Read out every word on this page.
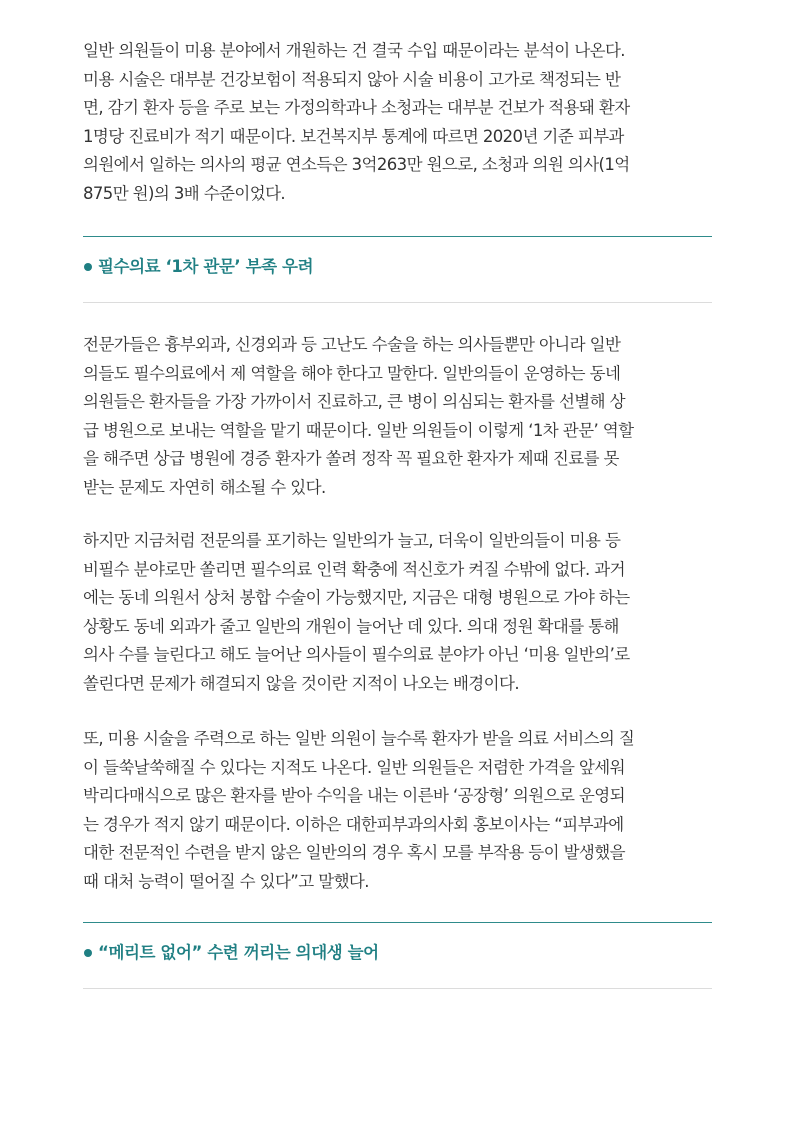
일반 의원들이 미용 분야에서 개원하는 건 결국 수입 때문이라는 분석이 나온다.
미용 시술은 대부분 건강보험이 적용되지 않아 시술 비용이 고가로 책정되는 반
면, 감기 환자 등을 주로 보는 가정의학과나 소청과는 대부분 건보가 적용돼 환자
1명당 진료비가 적기 때문이다. 보건복지부 통계에 따르면 2020년 기준 피부과
의원에서 일하는 의사의 평균 연소득은 3억263만 원으로, 소청과 의원 의사(1억
875만 원)의 3배 수준이었다.

필수의료 ‘1차 관문’ 부족 우려

전문가들은 흉부외과, 신경외과 등 고난도 수술을 하는 의사들뿐만 아니라 일반
의들도 필수의료에서 제 역할을 해야 한다고 말한다. 일반의들이 운영하는 동네
의원들은 환자들을 가장 가까이서 진료하고, 큰 병이 의심되는 환자를 선별해 상
급 병원으로 보내는 역할을 맡기 때문이다. 일반 의원들이 이렇게 ‘1차 관문’ 역할
을 해주면 상급 병원에 경증 환자가 쏠려 정작 꼭 필요한 환자가 제때 진료를 못
받는 문제도 자연히 해소될 수 있다.

하지만 지금처럼 전문의를 포기하는 일반의가 늘고, 더욱이 일반의들이 미용 등
비필수 분야로만 쏠리면 필수의료 인력 확충에 적신호가 켜질 수밖에 없다. 과거
에는 동네 의원서 상처 봉합 수술이 가능했지만, 지금은 대형 병원으로 가야 하는
상황도 동네 외과가 줄고 일반의 개원이 늘어난 데 있다. 의대 정원 확대를 통해
의사 수를 늘린다고 해도 늘어난 의사들이 필수의료 분야가 아닌 ‘미용 일반의’로
쏠린다면 문제가 해결되지 않을 것이란 지적이 나오는 배경이다.

또, 미용 시술을 주력으로 하는 일반 의원이 늘수록 환자가 받을 의료 서비스의 질
이 들쑥날쑥해질 수 있다는 지적도 나온다. 일반 의원들은 저렴한 가격을 앞세워
박리다매식으로 많은 환자를 받아 수익을 내는 이른바 ‘공장형’ 의원으로 운영되
는 경우가 적지 않기 때문이다. 이하은 대한피부과의사회 홍보이사는 “피부과에
대한 전문적인 수련을 받지 않은 일반의의 경우 혹시 모를 부작용 등이 발생했을
때 대처 능력이 떨어질 수 있다”고 말했다.

“메리트 없어” 수련 꺼리는 의대생 늘어
